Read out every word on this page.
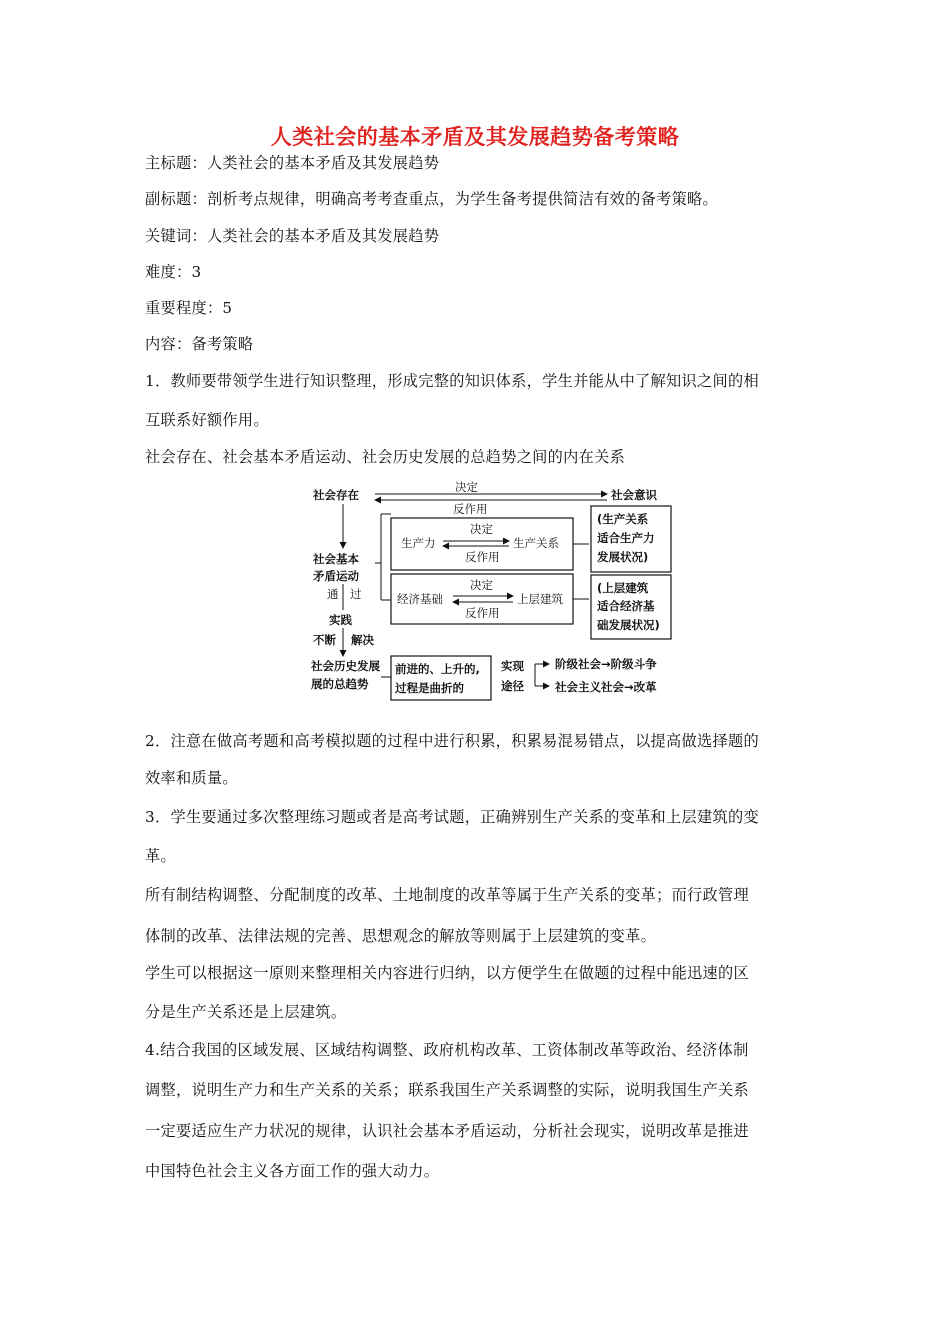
人类社会的基本矛盾及其发展趋势备考策略
主标题：人类社会的基本矛盾及其发展趋势
副标题：剖析考点规律，明确高考考查重点，为学生备考提供简洁有效的备考策略。
关键词：人类社会的基本矛盾及其发展趋势
难度：3
重要程度：5
内容：备考策略
1．教师要带领学生进行知识整理，形成完整的知识体系，学生并能从中了解知识之间的相
互联系好额作用。
社会存在、社会基本矛盾运动、社会历史发展的总趋势之间的内在关系
社会存在	社会意识
决定
反作用
社会基本
矛盾运动
通　过
生产力	生产关系
决定
反作用
(生产关系
适合生产力
发展状况)
经济基础	上层建筑
决定
反作用
(上层建筑
适合经济基
础发展状况)
实践
不断 解决
社会历史发展
展的总趋势
前进的、上升的,
过程是曲折的
实现
途径
阶级社会→阶级斗争
社会主义社会→改革
2．注意在做高考题和高考模拟题的过程中进行积累，积累易混易错点，以提高做选择题的
效率和质量。
3．学生要通过多次整理练习题或者是高考试题，正确辨别生产关系的变革和上层建筑的变
革。
所有制结构调整、分配制度的改革、土地制度的改革等属于生产关系的变革；而行政管理
体制的改革、法律法规的完善、思想观念的解放等则属于上层建筑的变革。
学生可以根据这一原则来整理相关内容进行归纳，以方便学生在做题的过程中能迅速的区
分是生产关系还是上层建筑。
4.结合我国的区域发展、区域结构调整、政府机构改革、工资体制改革等政治、经济体制
调整，说明生产力和生产关系的关系；联系我国生产关系调整的实际，说明我国生产关系
一定要适应生产力状况的规律，认识社会基本矛盾运动，分析社会现实，说明改革是推进
中国特色社会主义各方面工作的强大动力。
